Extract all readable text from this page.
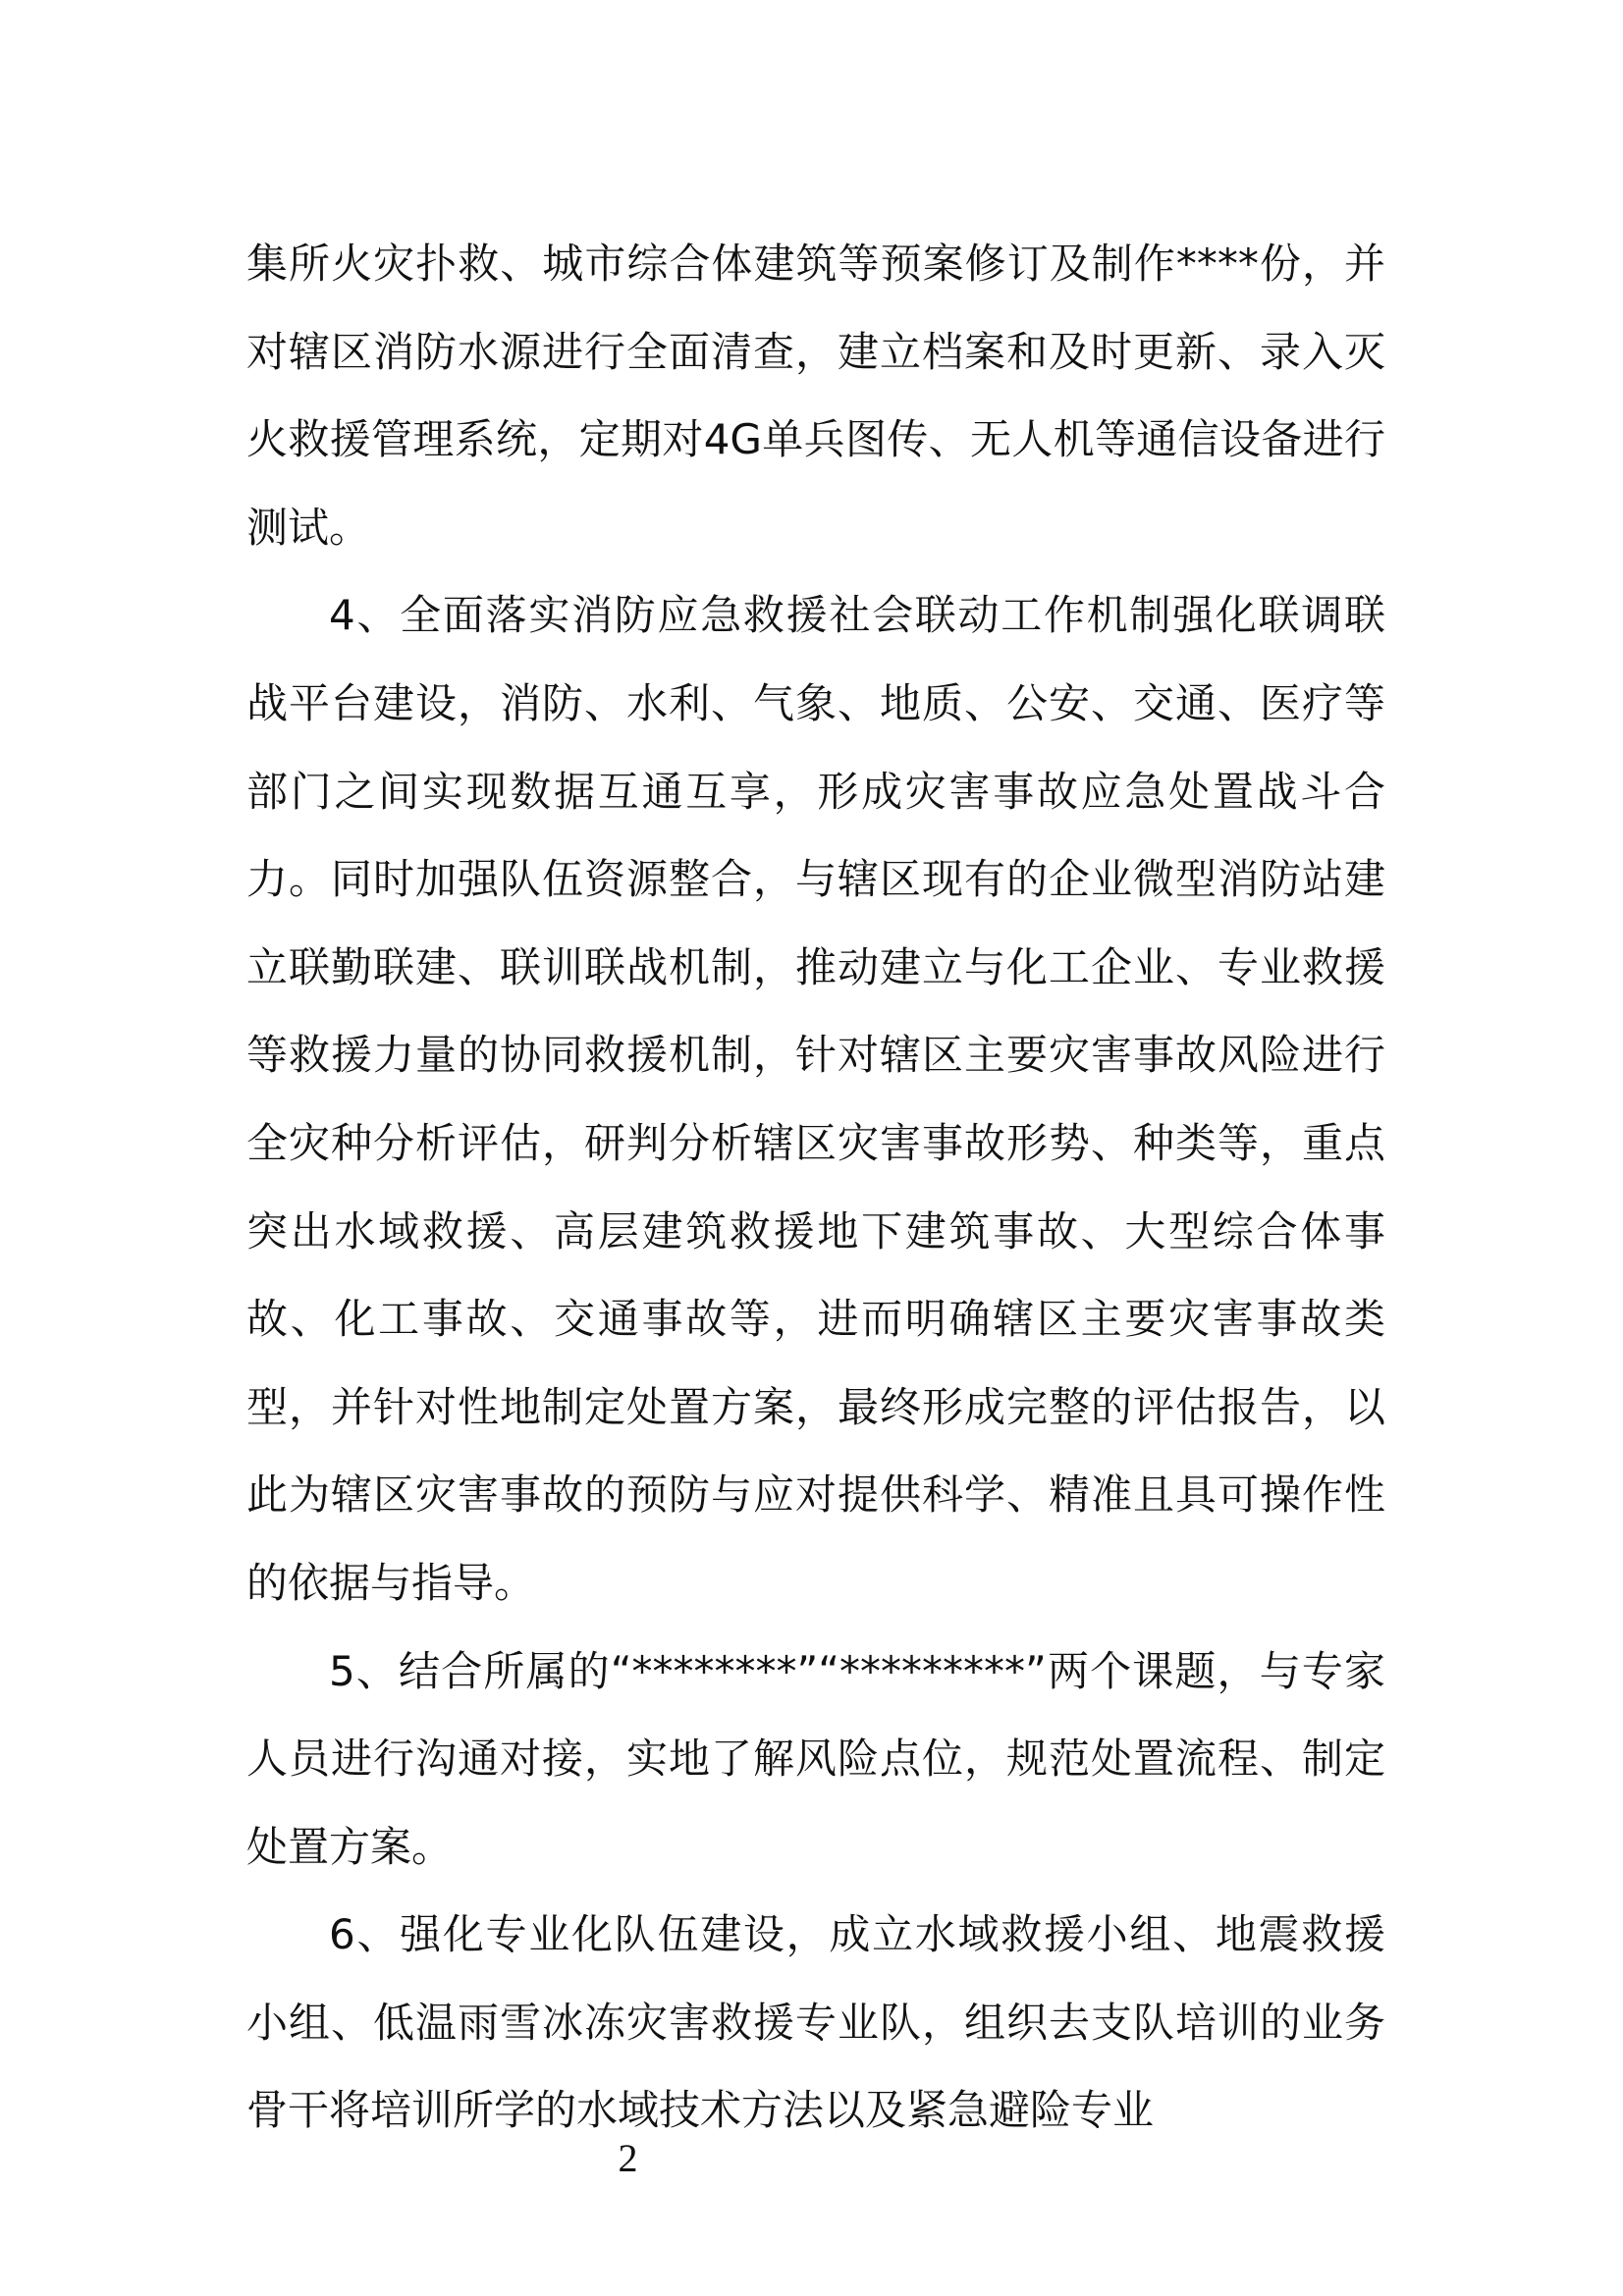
集所火灾扑救、城市综合体建筑等预案修订及制作****份，并对辖区消防水源进行全面清查，建立档案和及时更新、录入灭火救援管理系统，定期对4G单兵图传、无人机等通信设备进行测试。

4、全面落实消防应急救援社会联动工作机制强化联调联战平台建设，消防、水利、气象、地质、公安、交通、医疗等部门之间实现数据互通互享，形成灾害事故应急处置战斗合力。同时加强队伍资源整合，与辖区现有的企业微型消防站建立联勤联建、联训联战机制，推动建立与化工企业、专业救援等救援力量的协同救援机制，针对辖区主要灾害事故风险进行全灾种分析评估，研判分析辖区灾害事故形势、种类等，重点突出水域救援、高层建筑救援地下建筑事故、大型综合体事故、化工事故、交通事故等，进而明确辖区主要灾害事故类型，并针对性地制定处置方案，最终形成完整的评估报告，以此为辖区灾害事故的预防与应对提供科学、精准且具可操作性的依据与指导。

5、结合所属的“********”“*********”两个课题，与专家人员进行沟通对接，实地了解风险点位，规范处置流程、制定处置方案。

6、强化专业化队伍建设，成立水域救援小组、地震救援小组、低温雨雪冰冻灾害救援专业队，组织去支队培训的业务骨干将培训所学的水域技术方法以及紧急避险专业

2
